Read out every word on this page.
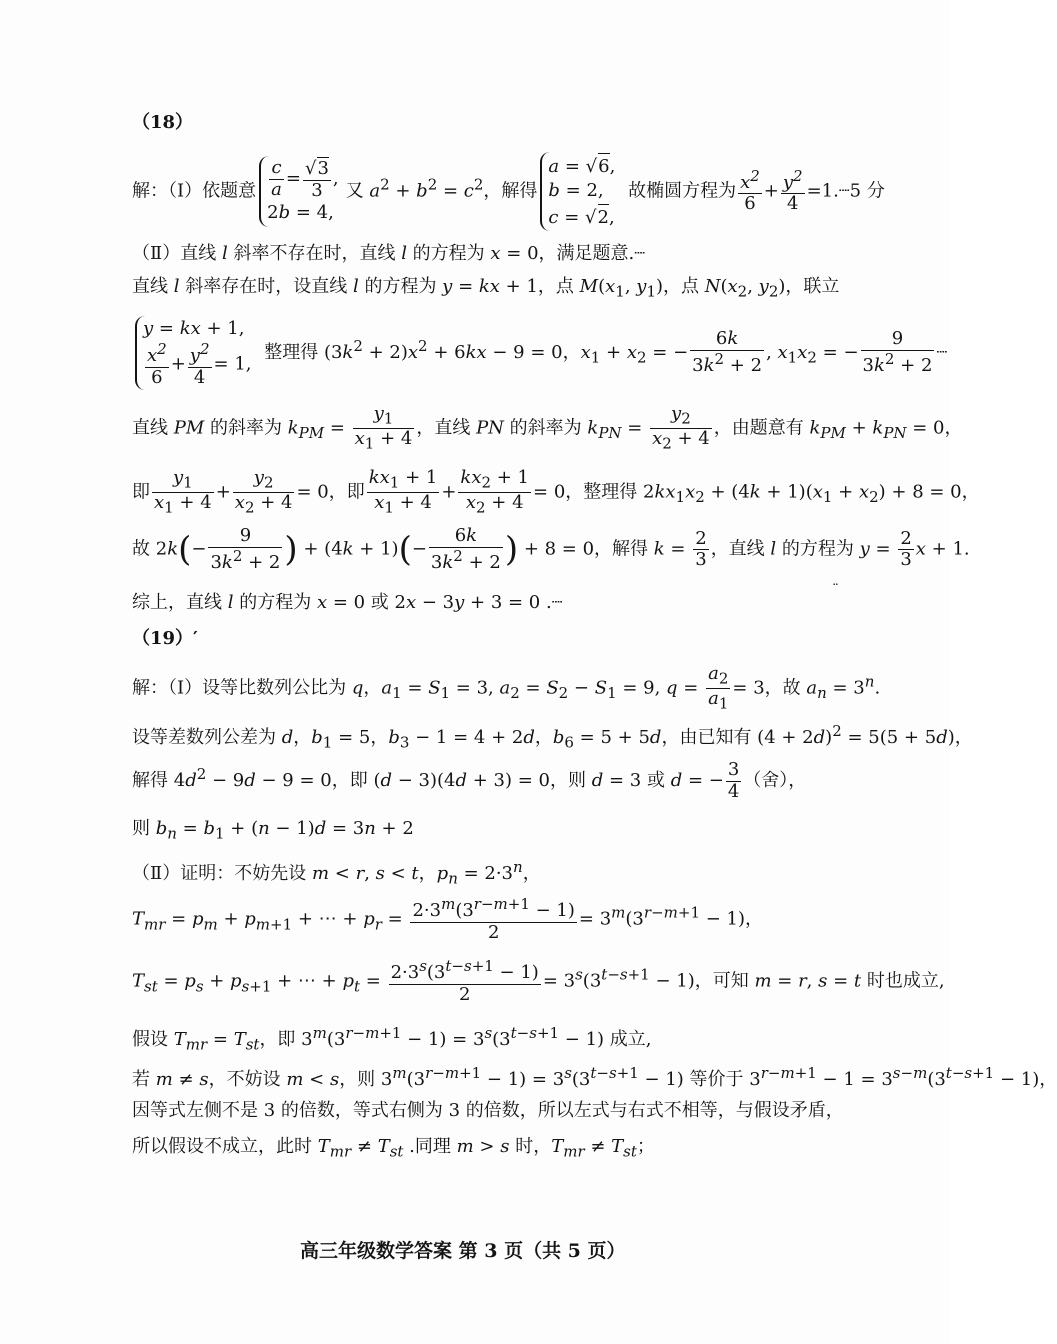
（18）
解：（Ⅰ）依题意 $\frac{c}{a} = \frac{√3}{3}$ ,
2b = 4,
又 $a^2 + b^2 = c^2$，解得
a = √6,
b = 2,
c = √2,
故椭圆方程为 $\frac{x^2}{6} + \frac{y^2}{4}$ =1.┈5 分
（Ⅱ）直线 l 斜率不存在时，直线 l 的方程为 x = 0，满足题意.┈
直线 l 斜率存在时，设直线 l 的方程为 y = kx + 1，点 $M(x_1$, $y_1$)，点 $N(x_2$, $y_2$)，联立
y = kx + 1,
$\frac{x^2}{6} + \frac{y^2}{4} = 1$,
整理得 $(3k^2 + 2)x^2 + 6kx - 9 = 0$，$x_1 + x_2$ = − $\frac{6k}{3k^2 + 2}$ , $x_1x_2$ = − $\frac{9}{3k^2 + 2}$ ┈
直线 PM 的斜率为 $k_{PM} = \frac{y_1}{x_1 + 4}$ ，直线 PN 的斜率为 $k_{PN} = \frac{y_2}{x_2 + 4}$ ，由题意有 $k_{PM} + k_{PN} = 0$，
即 $\frac{y_1}{x_1 + 4} + \frac{y_2}{x_2 + 4} = 0$，即 $\frac{kx_1 + 1}{x_1 + 4} + \frac{kx_2 + 1}{x_2 + 4} = 0$，整理得 $2kx_1x_2 + (4k + 1)(x_1 + x_2) + 8 = 0$，
故 $2k(- \frac{9}{3k^2 + 2}$ ) + $(4k + 1)(- \frac{6k}{3k^2 + 2}$ ) + 8 = 0，解得 $k = \frac{2}{3}$ ，直线 l 的方程为 $y = \frac{2}{3}$ x + 1.
¨
综上，直线 l 的方程为 x = 0 或 2x − 3y + 3 = 0 .┈
（19）′
解：（Ⅰ）设等比数列公比为 q，$a_1 = S_1 = 3$, $a_2 = S_2 - S_1 = 9$, $q = \frac{a_2}{a_1} = 3$，故 $a_n = 3^n$.
设等差数列公差为 d，$b_1 = 5$，$b_3 - 1 = 4 + 2d$，$b_6 = 5 + 5d$，由已知有 $(4 + 2d)^2 = 5(5 + 5d)$，
解得 $4d^2 - 9d - 9 = 0$，即 (d − 3)(4d + 3) = 0，则 d = 3 或 d = − $\frac{3}{4}$ （舍），
则 $b_n = b_1 + (n - 1)d = 3n + 2$
（Ⅱ）证明：不妨先设 m < r, s < t，$p_n = 2\cdot 3^n$，
$T_{mr} = p_m + p_{m+1}$ + ⋯ + $p_r = \frac{2\cdot 3^m(3^{r-m+1} - 1)}{2} = 3^m(3^{r-m+1} - 1)$，
$T_{st} = p_s + p_{s+1}$ + ⋯ + $p_t = \frac{2\cdot 3^s(3^{t-s+1} - 1)}{2} = 3^s(3^{t-s+1} - 1)$，可知 m = r, s = t 时也成立,
假设 $T_{mr} = T_{st}$，即 $3^m(3^{r-m+1} - 1) = 3^s(3^{t-s+1} - 1)$ 成立,
若 m ≠ s，不妨设 m < s，则 $3^m(3^{r-m+1} - 1) = 3^s(3^{t-s+1} - 1)$ 等价于 $3^{r-m+1} - 1 = 3^{s-m}(3^{t-s+1} - 1)$，
因等式左侧不是 3 的倍数，等式右侧为 3 的倍数，所以左式与右式不相等，与假设矛盾，
所以假设不成立，此时 $T_{mr} \ne T_{st}$ .同理 m > s 时，$T_{mr} \ne T_{st}$；
高三年级数学答案 第 3 页（共 5 页）
